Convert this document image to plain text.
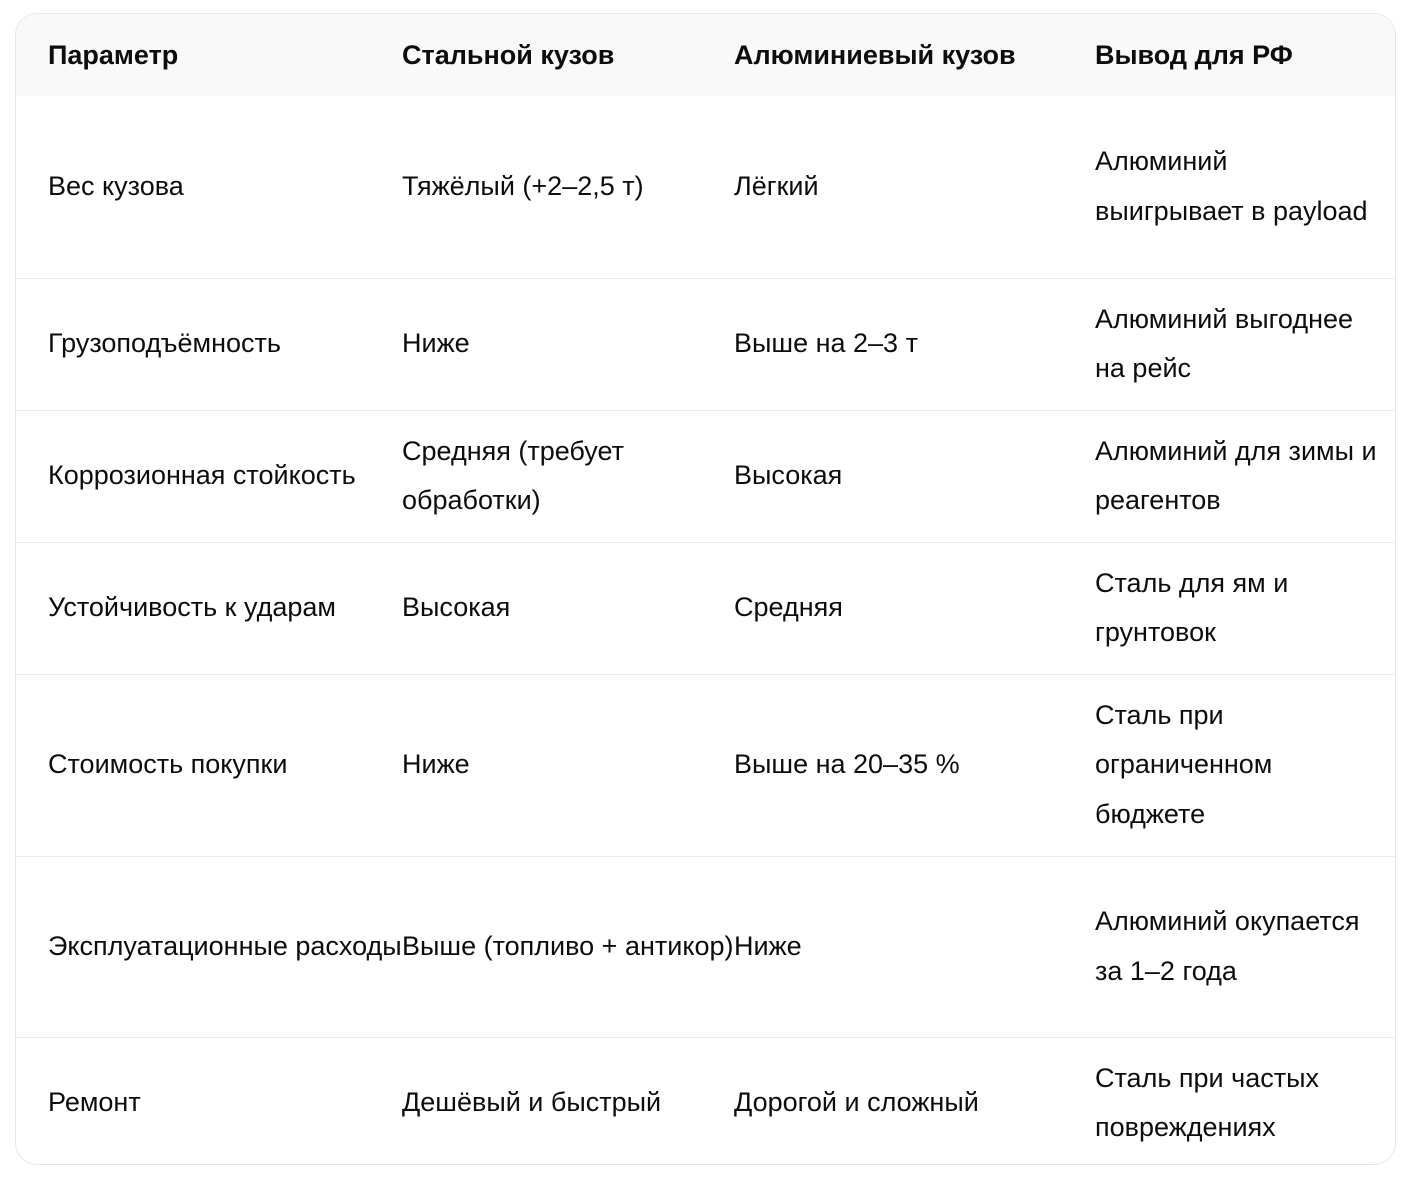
Параметр	Стальной кузов	Алюминиевый кузов	Вывод для РФ
Вес кузова	Тяжёлый (+2–2,5 т)	Лёгкий	Алюминий выигрывает в payload
Грузоподъёмность	Ниже	Выше на 2–3 т	Алюминий выгоднее на рейс
Коррозионная стойкость	Средняя (требует обработки)	Высокая	Алюминий для зимы и реагентов
Устойчивость к ударам	Высокая	Средняя	Сталь для ям и грунтовок
Стоимость покупки	Ниже	Выше на 20–35 %	Сталь при ограниченном бюджете
Эксплуатационные расходы	Выше (топливо + антикор)	Ниже	Алюминий окупается за 1–2 года
Ремонт	Дешёвый и быстрый	Дорогой и сложный	Сталь при частых повреждениях
